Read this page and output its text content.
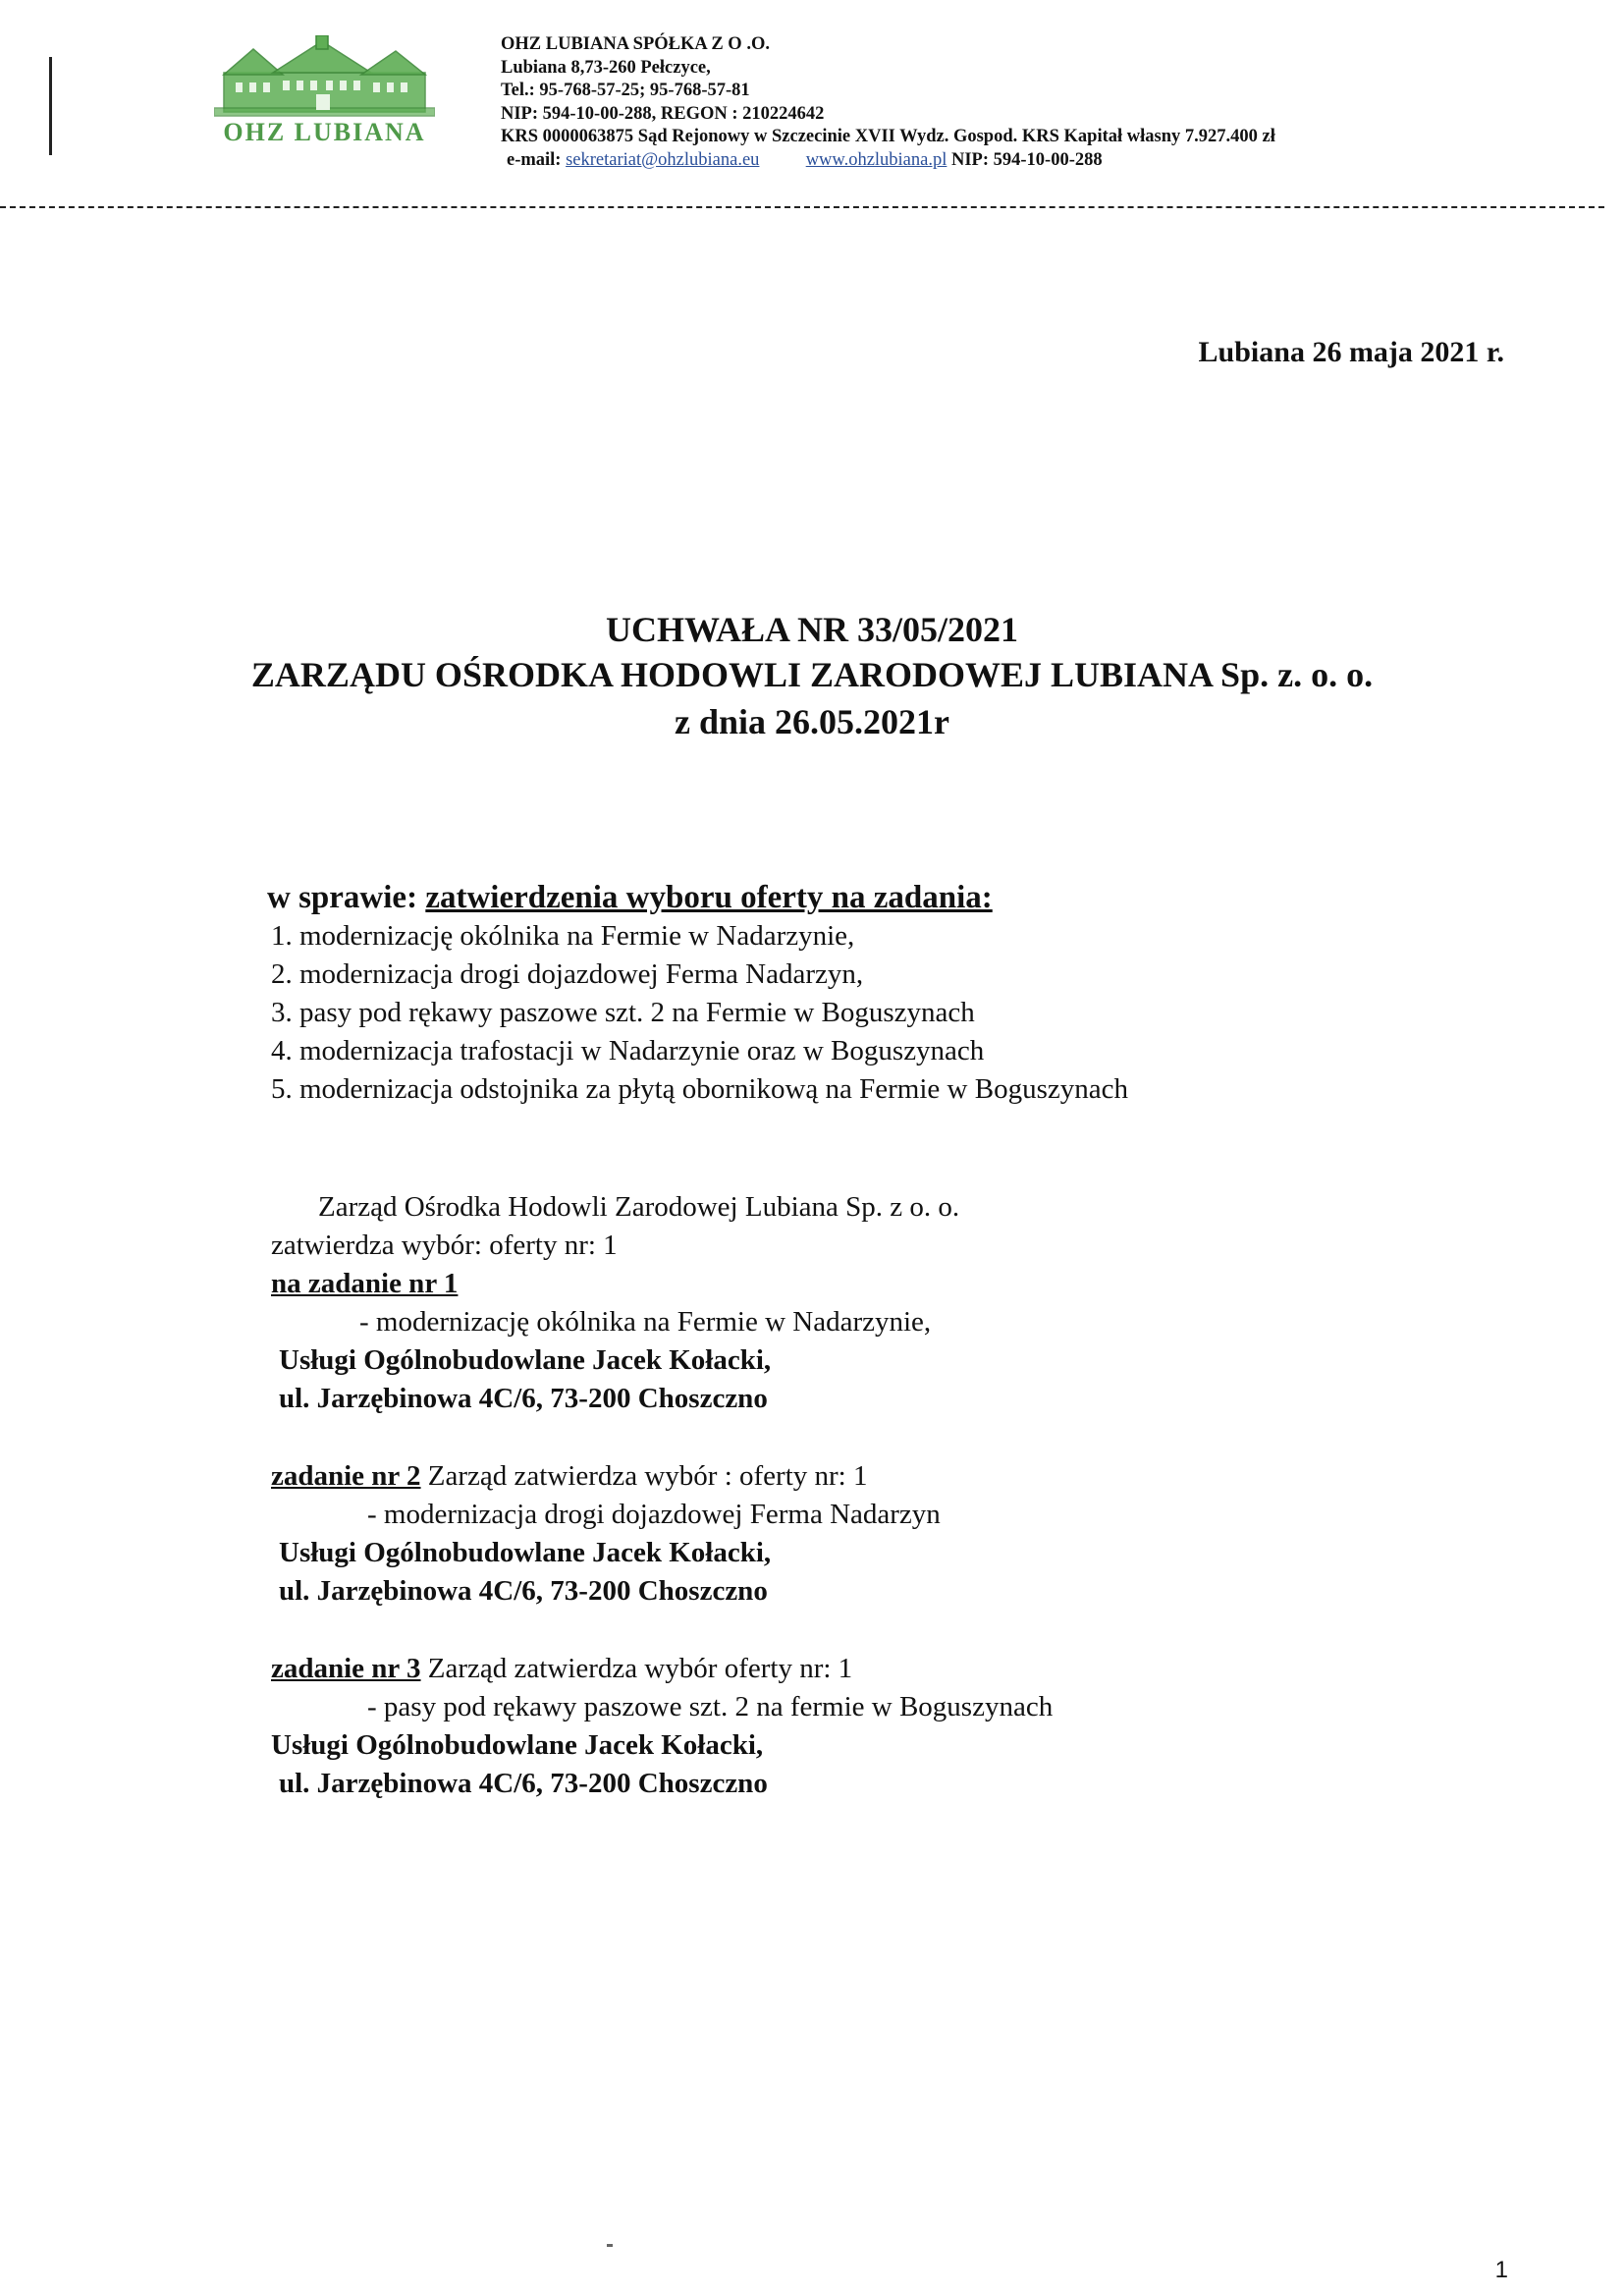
OHZ LUBIANA
OHZ LUBIANA SPÓŁKA Z O .O.
Lubiana 8,73-260 Pełczyce,
Tel.: 95-768-57-25; 95-768-57-81
NIP: 594-10-00-288, REGON : 210224642
KRS 0000063875 Sąd Rejonowy w Szczecinie XVII Wydz. Gospod. KRS Kapitał własny 7.927.400 zł
e-mail: sekretariat@ohzlubiana.eu	www.ohzlubiana.pl NIP: 594-10-00-288
Lubiana 26 maja 2021 r.
UCHWAŁA NR 33/05/2021
ZARZĄDU OŚRODKA HODOWLI ZARODOWEJ LUBIANA Sp. z. o. o.
z dnia 26.05.2021r
w sprawie: zatwierdzenia wyboru oferty na zadania:
1. modernizację okólnika na Fermie w Nadarzynie,
2. modernizacja drogi dojazdowej Ferma Nadarzyn,
3. pasy pod rękawy paszowe szt. 2 na Fermie w Boguszynach
4. modernizacja trafostacji w Nadarzynie oraz w Boguszynach
5. modernizacja odstojnika za płytą obornikową na Fermie w Boguszynach
Zarząd Ośrodka Hodowli Zarodowej Lubiana Sp. z o. o.
zatwierdza wybór: oferty nr: 1
na zadanie nr 1
- modernizację okólnika na Fermie w Nadarzynie,
Usługi Ogólnobudowlane Jacek Kołacki,
ul. Jarzębinowa 4C/6, 73-200 Choszczno
zadanie nr 2 Zarząd zatwierdza wybór : oferty nr: 1
- modernizacja drogi dojazdowej Ferma Nadarzyn
Usługi Ogólnobudowlane Jacek Kołacki,
ul. Jarzębinowa 4C/6, 73-200 Choszczno
zadanie nr 3 Zarząd zatwierdza wybór oferty nr: 1
- pasy pod rękawy paszowe szt. 2 na fermie w Boguszynach
Usługi Ogólnobudowlane Jacek Kołacki,
ul. Jarzębinowa 4C/6, 73-200 Choszczno
1
